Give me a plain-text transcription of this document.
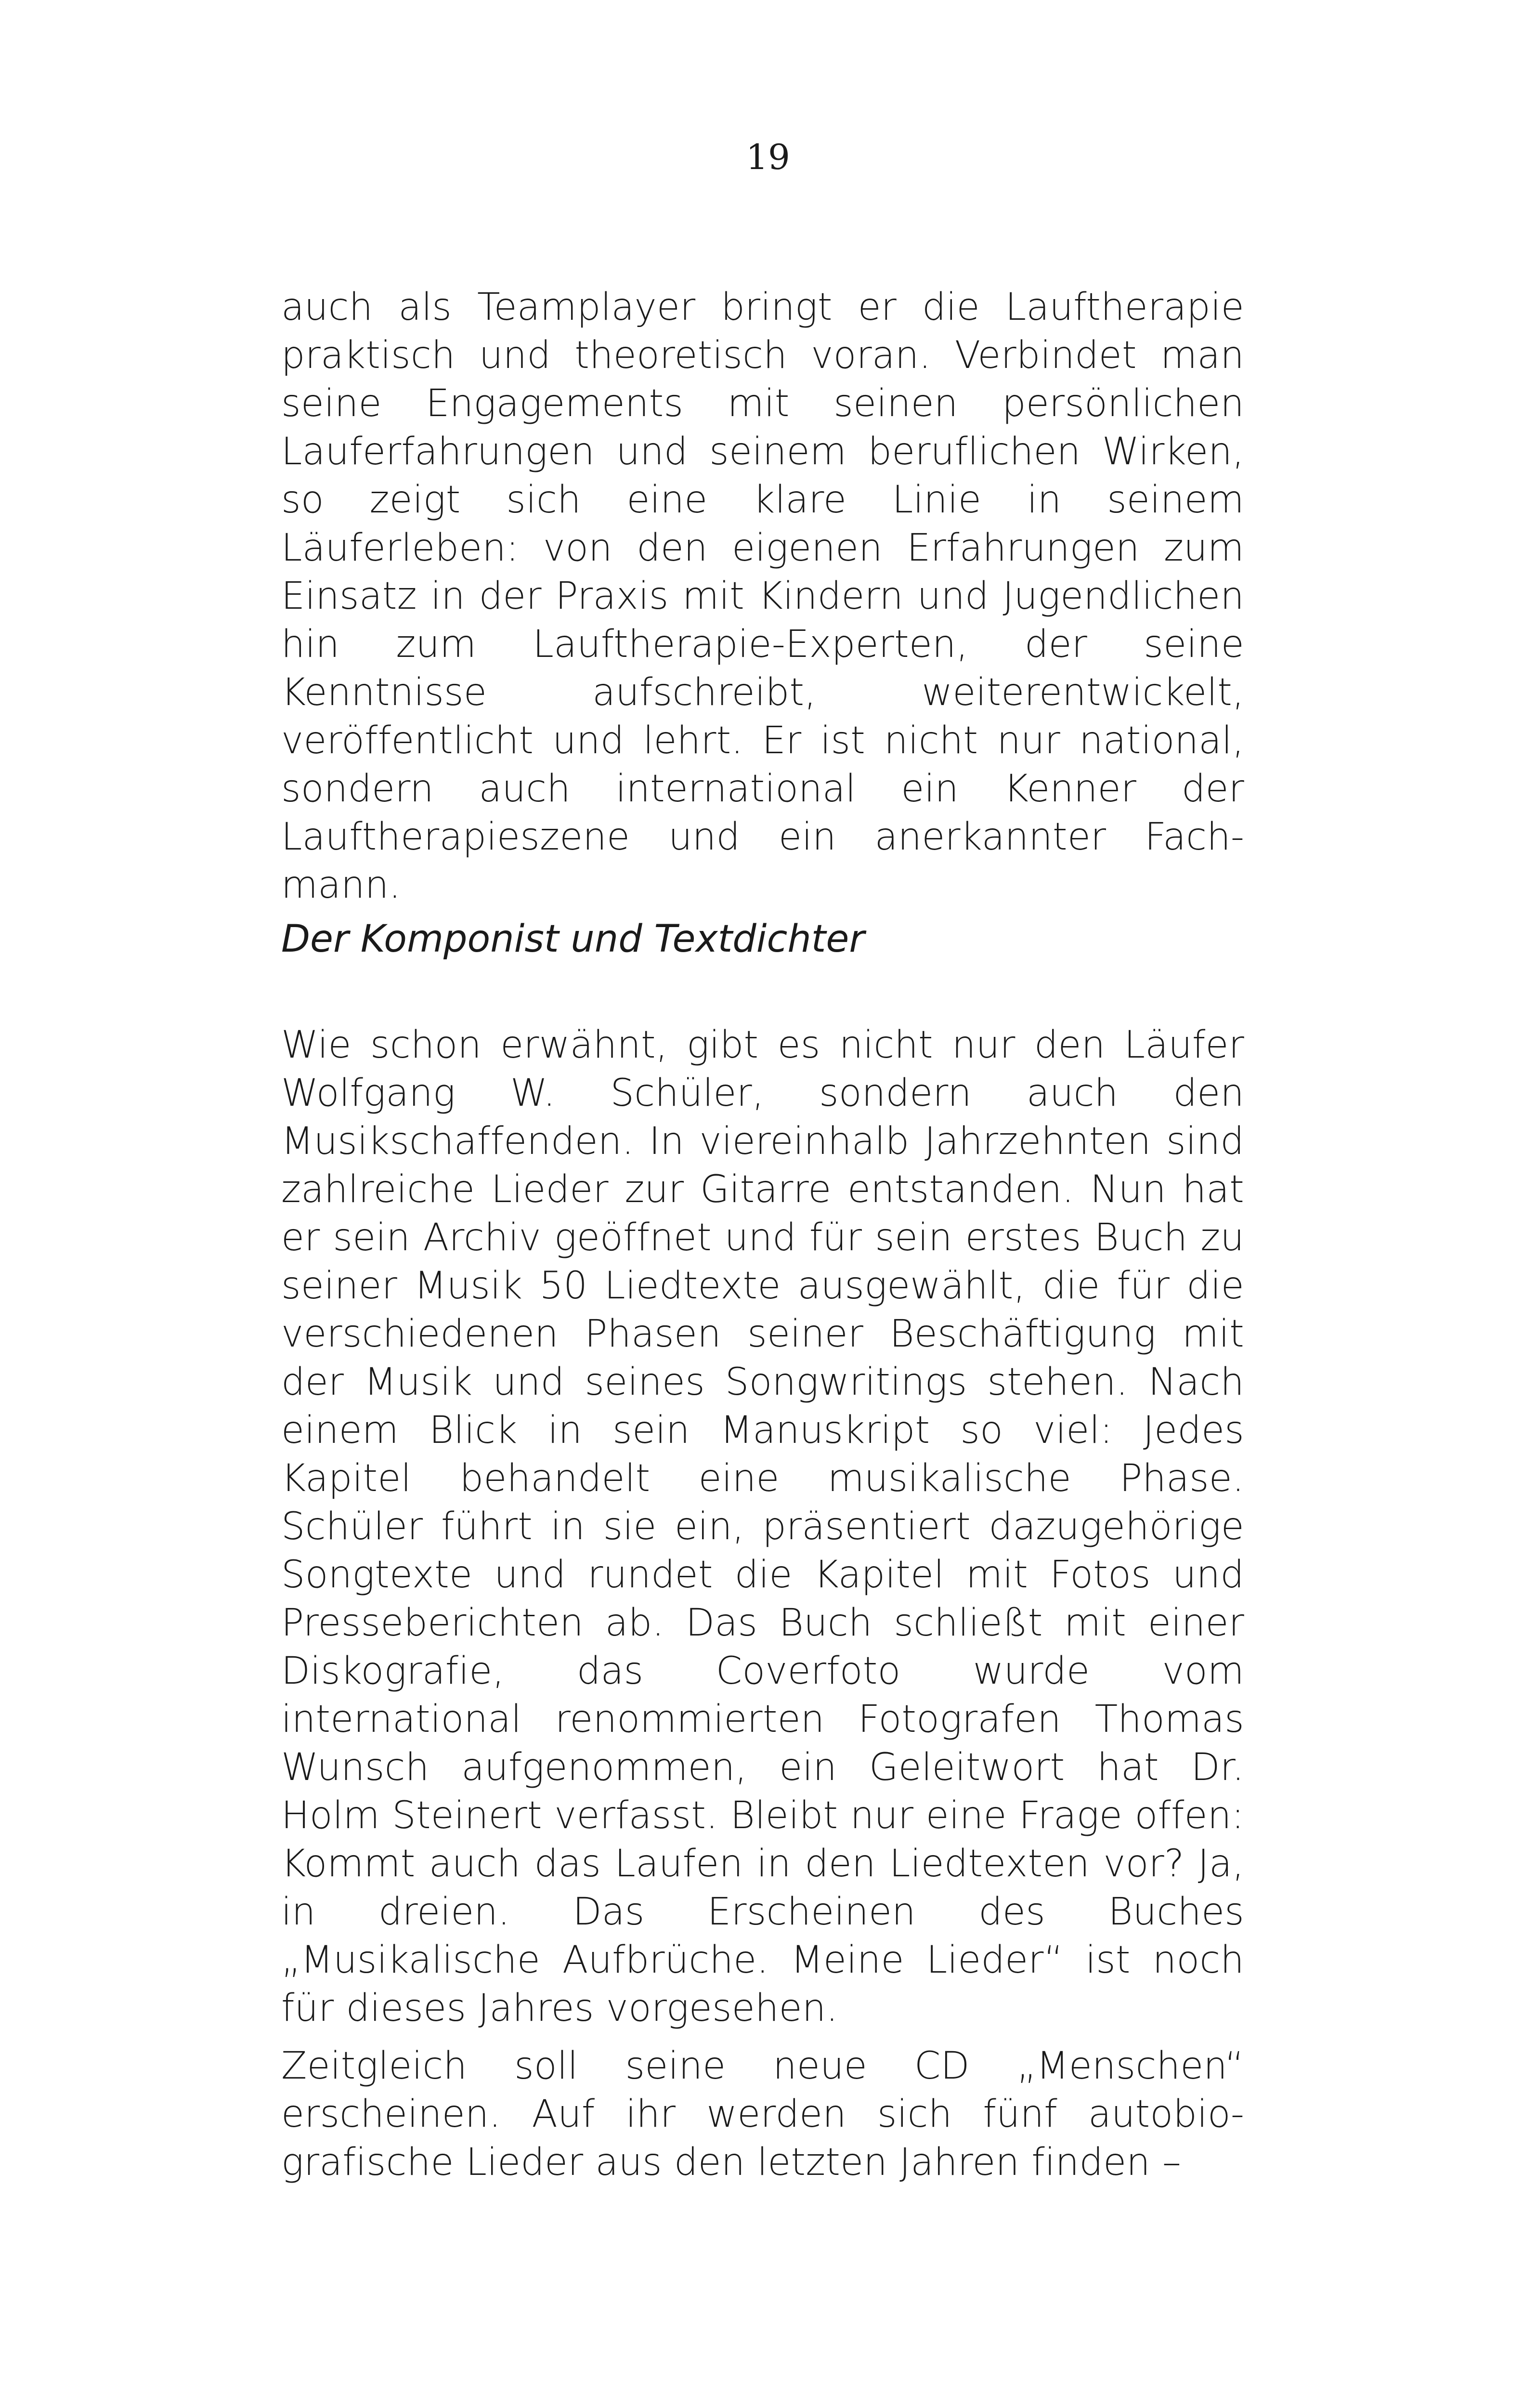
19

auch als Teamplayer bringt er die Lauftherapie praktisch und theoretisch voran. Verbindet man seine Engagements mit seinen persönlichen Lauferfahrungen und seinem beruflichen Wirken, so zeigt sich eine klare Linie in seinem Läuferleben: von den eigenen Erfahrungen zum Einsatz in der Praxis mit Kindern und Jugendlichen hin zum Lauftherapie-Experten, der seine Kenntnisse aufschreibt, weiterentwickelt, veröffentlicht und lehrt. Er ist nicht nur national, sondern auch international ein Kenner der Lauftherapieszene und ein anerkannter Fachmann.

Der Komponist und Textdichter

Wie schon erwähnt, gibt es nicht nur den Läufer Wolfgang W. Schüler, sondern auch den Musikschaffenden. In viereinhalb Jahrzehnten sind zahlreiche Lieder zur Gitarre entstanden. Nun hat er sein Archiv geöffnet und für sein erstes Buch zu seiner Musik 50 Liedtexte ausgewählt, die für die verschiedenen Phasen seiner Beschäftigung mit der Musik und seines Songwritings stehen. Nach einem Blick in sein Manuskript so viel: Jedes Kapitel behandelt eine musikalische Phase. Schüler führt in sie ein, präsentiert dazugehörige Songtexte und rundet die Kapitel mit Fotos und Presseberichten ab. Das Buch schließt mit einer Diskografie, das Coverfoto wurde vom international renommierten Fotografen Thomas Wunsch aufgenommen, ein Geleitwort hat Dr. Holm Steinert verfasst. Bleibt nur eine Frage offen: Kommt auch das Laufen in den Liedtexten vor? Ja, in dreien. Das Erscheinen des Buches „Musikalische Aufbrüche. Meine Lieder“ ist noch für dieses Jahres vorgesehen.

Zeitgleich soll seine neue CD „Menschen“ erscheinen. Auf ihr werden sich fünf autobiografische Lieder aus den letzten Jahren finden –
